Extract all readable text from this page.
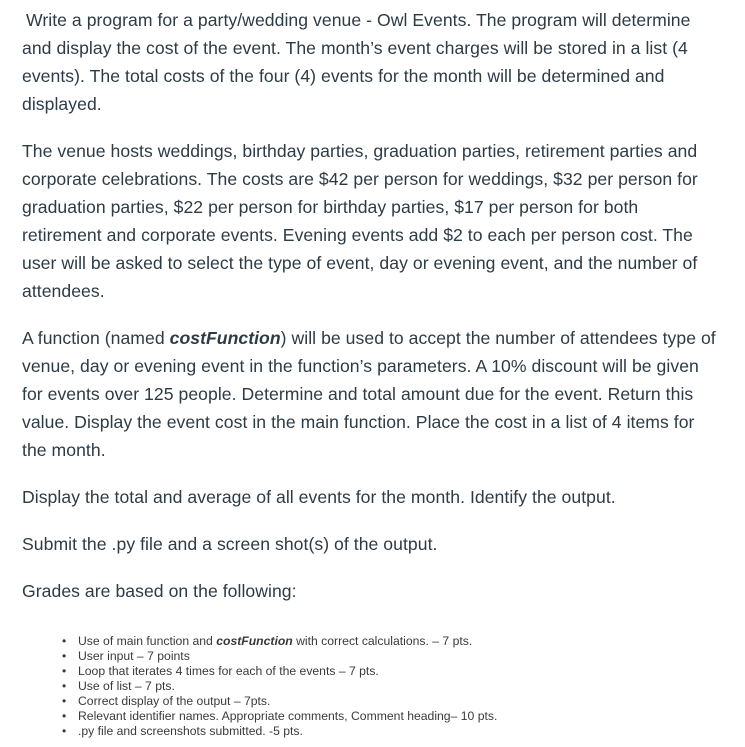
Write a program for a party/wedding venue - Owl Events. The program will determine and display the cost of the event. The month’s event charges will be stored in a list (4 events). The total costs of the four (4) events for the month will be determined and displayed.

The venue hosts weddings, birthday parties, graduation parties, retirement parties and corporate celebrations. The costs are $42 per person for weddings, $32 per person for graduation parties, $22 per person for birthday parties, $17 per person for both retirement and corporate events. Evening events add $2 to each per person cost. The user will be asked to select the type of event, day or evening event, and the number of attendees.

A function (named costFunction) will be used to accept the number of attendees type of venue, day or evening event in the function’s parameters. A 10% discount will be given for events over 125 people. Determine and total amount due for the event. Return this value. Display the event cost in the main function. Place the cost in a list of 4 items for the month.

Display the total and average of all events for the month. Identify the output.

Submit the .py file and a screen shot(s) of the output.

Grades are based on the following:

• Use of main function and costFunction with correct calculations. – 7 pts.
• User input – 7 points
• Loop that iterates 4 times for each of the events – 7 pts.
• Use of list – 7 pts.
• Correct display of the output – 7pts.
• Relevant identifier names. Appropriate comments, Comment heading– 10 pts.
• .py file and screenshots submitted. -5 pts.
